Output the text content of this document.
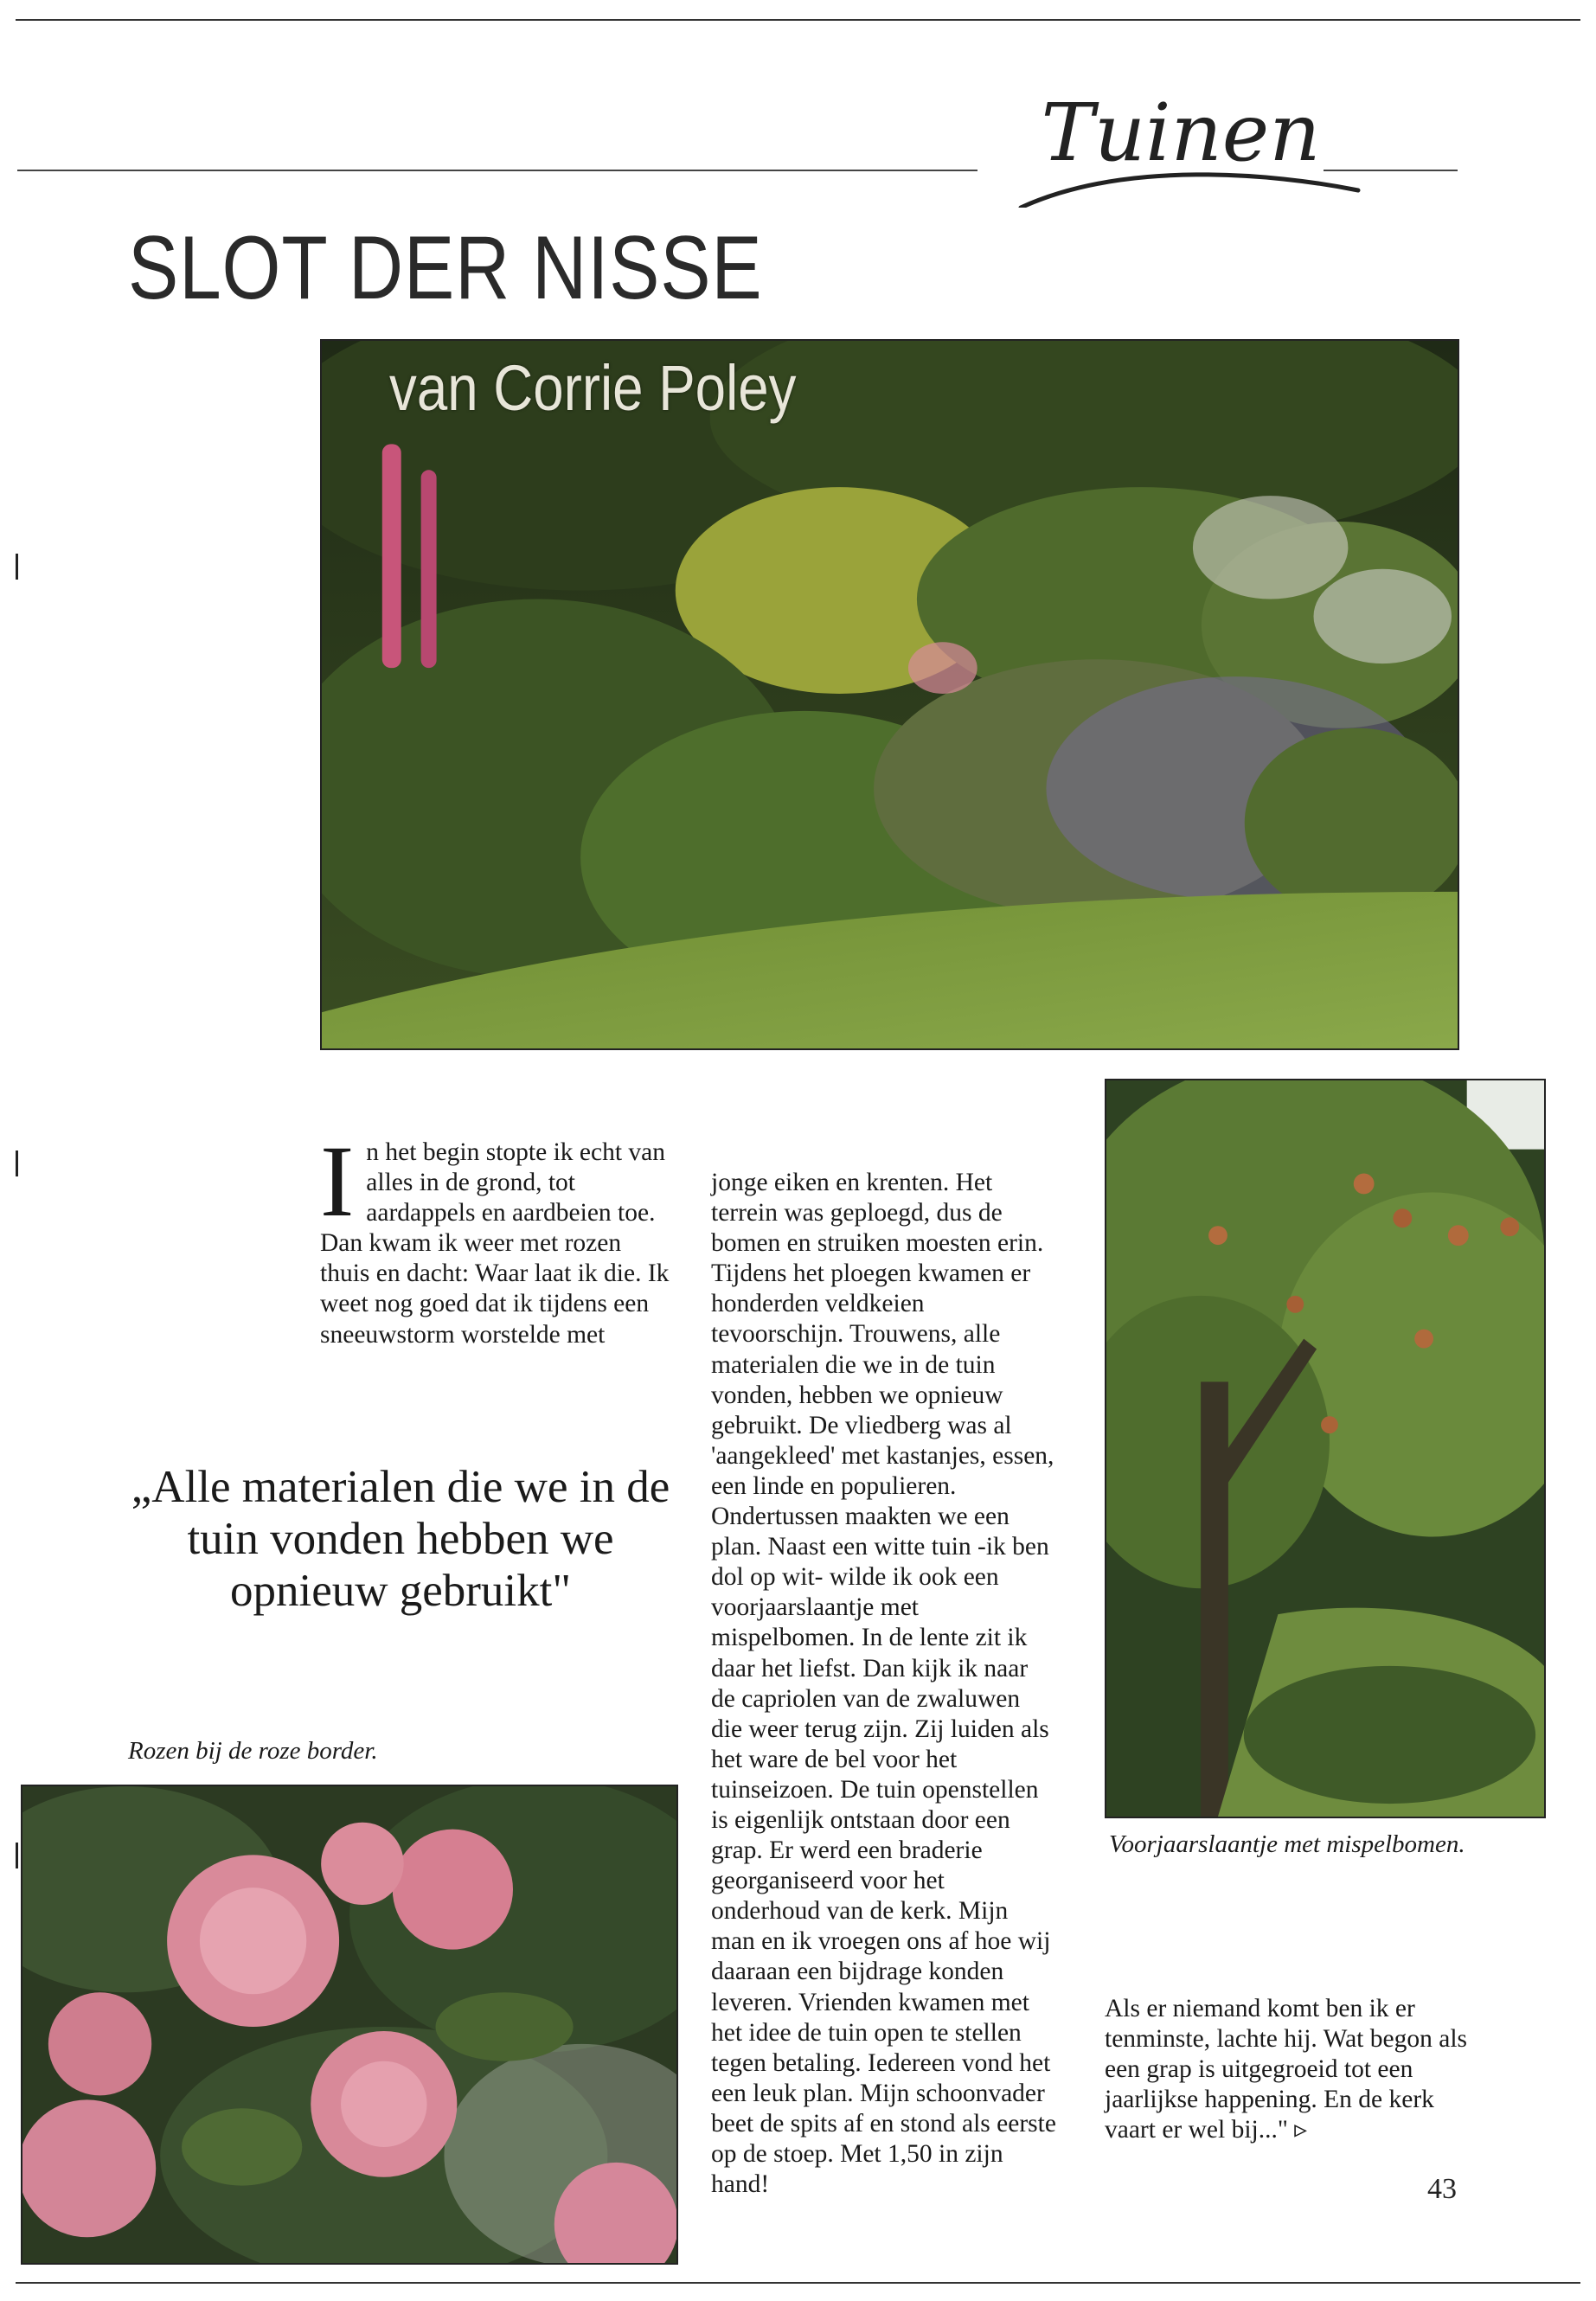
Tuinen
SLOT DER NISSE
van Corrie Poley
I n het begin stopte ik echt van alles in de grond, tot aardappels en aardbeien toe. Dan kwam ik weer met rozen thuis en dacht: Waar laat ik die. Ik weet nog goed dat ik tijdens een sneeuwstorm worstelde met

„Alle materialen die we in de tuin vonden hebben we opnieuw gebruikt"

Rozen bij de roze border.

jonge eiken en krenten. Het terrein was geploegd, dus de bomen en struiken moesten erin. Tijdens het ploegen kwamen er honderden veldkeien tevoorschijn. Trouwens, alle materialen die we in de tuin vonden, hebben we opnieuw gebruikt. De vliedberg was al 'aangekleed' met kastanjes, essen, een linde en populieren. Ondertussen maakten we een plan. Naast een witte tuin -ik ben dol op wit- wilde ik ook een voorjaarslaantje met mispelbomen. In de lente zit ik daar het liefst. Dan kijk ik naar de capriolen van de zwaluwen die weer terug zijn. Zij luiden als het ware de bel voor het tuinseizoen. De tuin openstellen is eigenlijk ontstaan door een grap. Er werd een braderie georganiseerd voor het onderhoud van de kerk. Mijn man en ik vroegen ons af hoe wij daaraan een bijdrage konden leveren. Vrienden kwamen met het idee de tuin open te stellen tegen betaling. Iedereen vond het een leuk plan. Mijn schoonvader beet de spits af en stond als eerste op de stoep. Met 1,50 in zijn hand!

Voorjaarslaantje met mispelbomen.

Als er niemand komt ben ik er tenminste, lachte hij. Wat begon als een grap is uitgegroeid tot een jaarlijkse happening. En de kerk vaart er wel bij..." ▹

43
